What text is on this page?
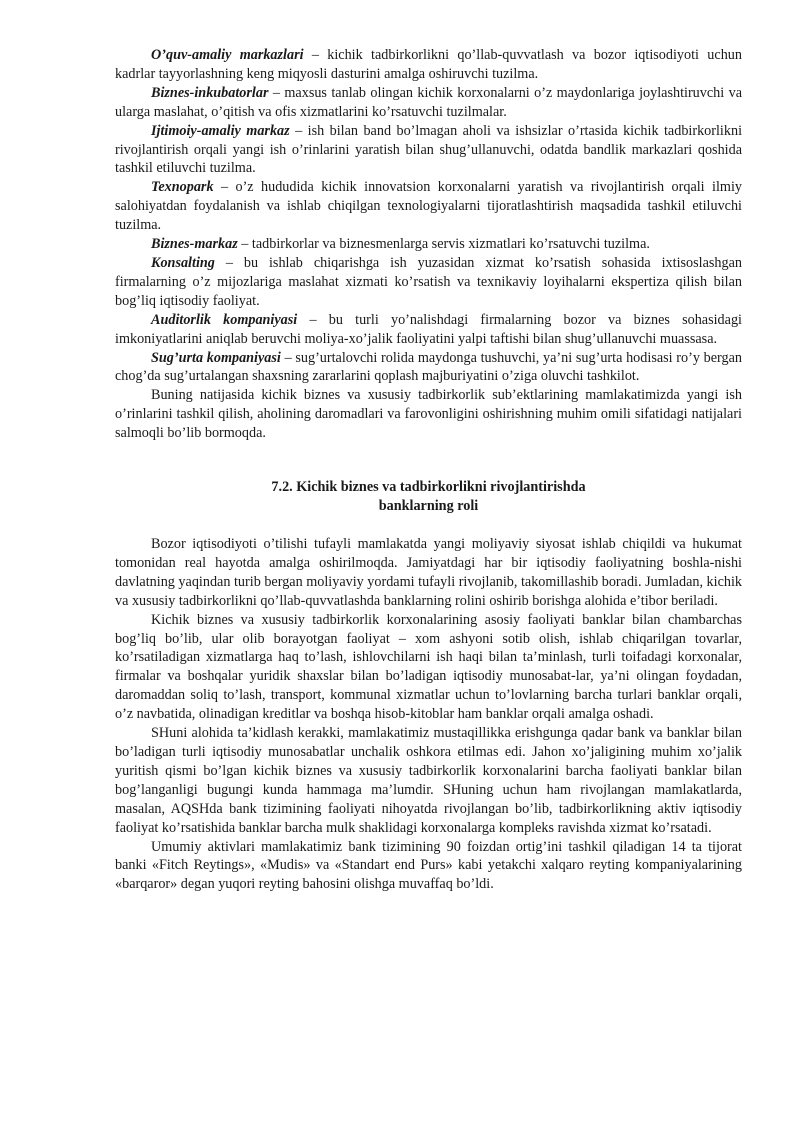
O’quv-amaliy markazlari – kichik tadbirkorlikni qo’llab-quvvatlash va bozor iqtisodiyoti uchun kadrlar tayyorlashning keng miqyosli dasturini amalga oshiruvchi tuzilma.

Biznes-inkubatorlar – maxsus tanlab olingan kichik korxonalarni o’z maydonlariga joylashtiruvchi va ularga maslahat, o’qitish va ofis xizmatlarini ko’rsatuvchi tuzilmalar.

Ijtimoiy-amaliy markaz – ish bilan band bo’lmagan aholi va ishsizlar o’rtasida kichik tadbirkorlikni rivojlantirish orqali yangi ish o’rinlarini yaratish bilan shug’ullanuvchi, odatda bandlik markazlari qoshida tashkil etiluvchi tuzilma.

Texnopark – o’z hududida kichik innovatsion korxonalarni yaratish va rivojlantirish orqali ilmiy salohiyatdan foydalanish va ishlab chiqilgan texnologiyalarni tijoratlashtirish maqsadida tashkil etiluvchi tuzilma.

Biznes-markaz – tadbirkorlar va biznesmenlarga servis xizmatlari ko’rsatuvchi tuzilma.

Konsalting – bu ishlab chiqarishga ish yuzasidan xizmat ko’rsatish sohasida ixtisoslashgan firmalarning o’z mijozlariga maslahat xizmati ko’rsatish va texnikaviy loyihalarni ekspertiza qilish bilan bog’liq iqtisodiy faoliyat.

Auditorlik kompaniyasi – bu turli yo’nalishdagi firmalarning bozor va biznes sohasidagi imkoniyatlarini aniqlab beruvchi moliya-xo’jalik faoliyatini yalpi taftishi bilan shug’ullanuvchi muassasa.

Sug’urta kompaniyasi – sug’urtalovchi rolida maydonga tushuvchi, ya’ni sug’urta hodisasi ro’y bergan chog’da sug’urtalangan shaxsning zararlarini qoplash majburiyatini o’ziga oluvchi tashkilot.

Buning natijasida kichik biznes va xususiy tadbirkorlik sub’ektlarining mamlakatimizda yangi ish o’rinlarini tashkil qilish, aholining daromadlari va farovonligini oshirishning muhim omili sifatidagi natijalari salmoqli bo’lib bormoqda.

7.2. Kichik biznes va tadbirkorlikni rivojlantirishda
banklarning roli

Bozor iqtisodiyoti o’tilishi tufayli mamlakatda yangi moliyaviy siyosat ishlab chiqildi va hukumat tomonidan real hayotda amalga oshirilmoqda. Jamiyatdagi har bir iqtisodiy faoliyatning boshla-nishi davlatning yaqindan turib bergan moliyaviy yordami tufayli rivojlanib, takomillashib boradi. Jumladan, kichik va xususiy tadbirkorlikni qo’llab-quvvatlashda banklarning rolini oshirib borishga alohida e’tibor beriladi.

Kichik biznes va xususiy tadbirkorlik korxonalarining asosiy faoliyati banklar bilan chambarchas bog’liq bo’lib, ular olib borayotgan faoliyat – xom ashyoni sotib olish, ishlab chiqarilgan tovarlar, ko’rsatiladigan xizmatlarga haq to’lash, ishlovchilarni ish haqi bilan ta’minlash, turli toifadagi korxonalar, firmalar va boshqalar yuridik shaxslar bilan bo’ladigan iqtisodiy munosabat-lar, ya’ni olingan foydadan, daromaddan soliq to’lash, transport, kommunal xizmatlar uchun to’lovlarning barcha turlari banklar orqali, o’z navbatida, olinadigan kreditlar va boshqa hisob-kitoblar ham banklar orqali amalga oshadi.

SHuni alohida ta’kidlash kerakki, mamlakatimiz mustaqillikka erishgunga qadar bank va banklar bilan bo’ladigan turli iqtisodiy munosabatlar unchalik oshkora etilmas edi. Jahon xo’jaligining muhim xo’jalik yuritish qismi bo’lgan kichik biznes va xususiy tadbirkorlik korxonalarini barcha faoliyati banklar bilan bog’langanligi bugungi kunda hammaga ma’lumdir. SHuning uchun ham rivojlangan mamlakatlarda, masalan, AQSHda bank tizimining faoliyati nihoyatda rivojlangan bo’lib, tadbirkorlikning aktiv iqtisodiy faoliyat ko’rsatishida banklar barcha mulk shaklidagi korxonalarga kompleks ravishda xizmat ko’rsatadi.

Umumiy aktivlari mamlakatimiz bank tizimining 90 foizdan ortig’ini tashkil qiladigan 14 ta tijorat banki «Fitch Reytings», «Mudis» va «Standart end Purs» kabi yetakchi xalqaro reyting kompaniyalarining «barqaror» degan yuqori reyting bahosini olishga muvaffaq bo’ldi.
